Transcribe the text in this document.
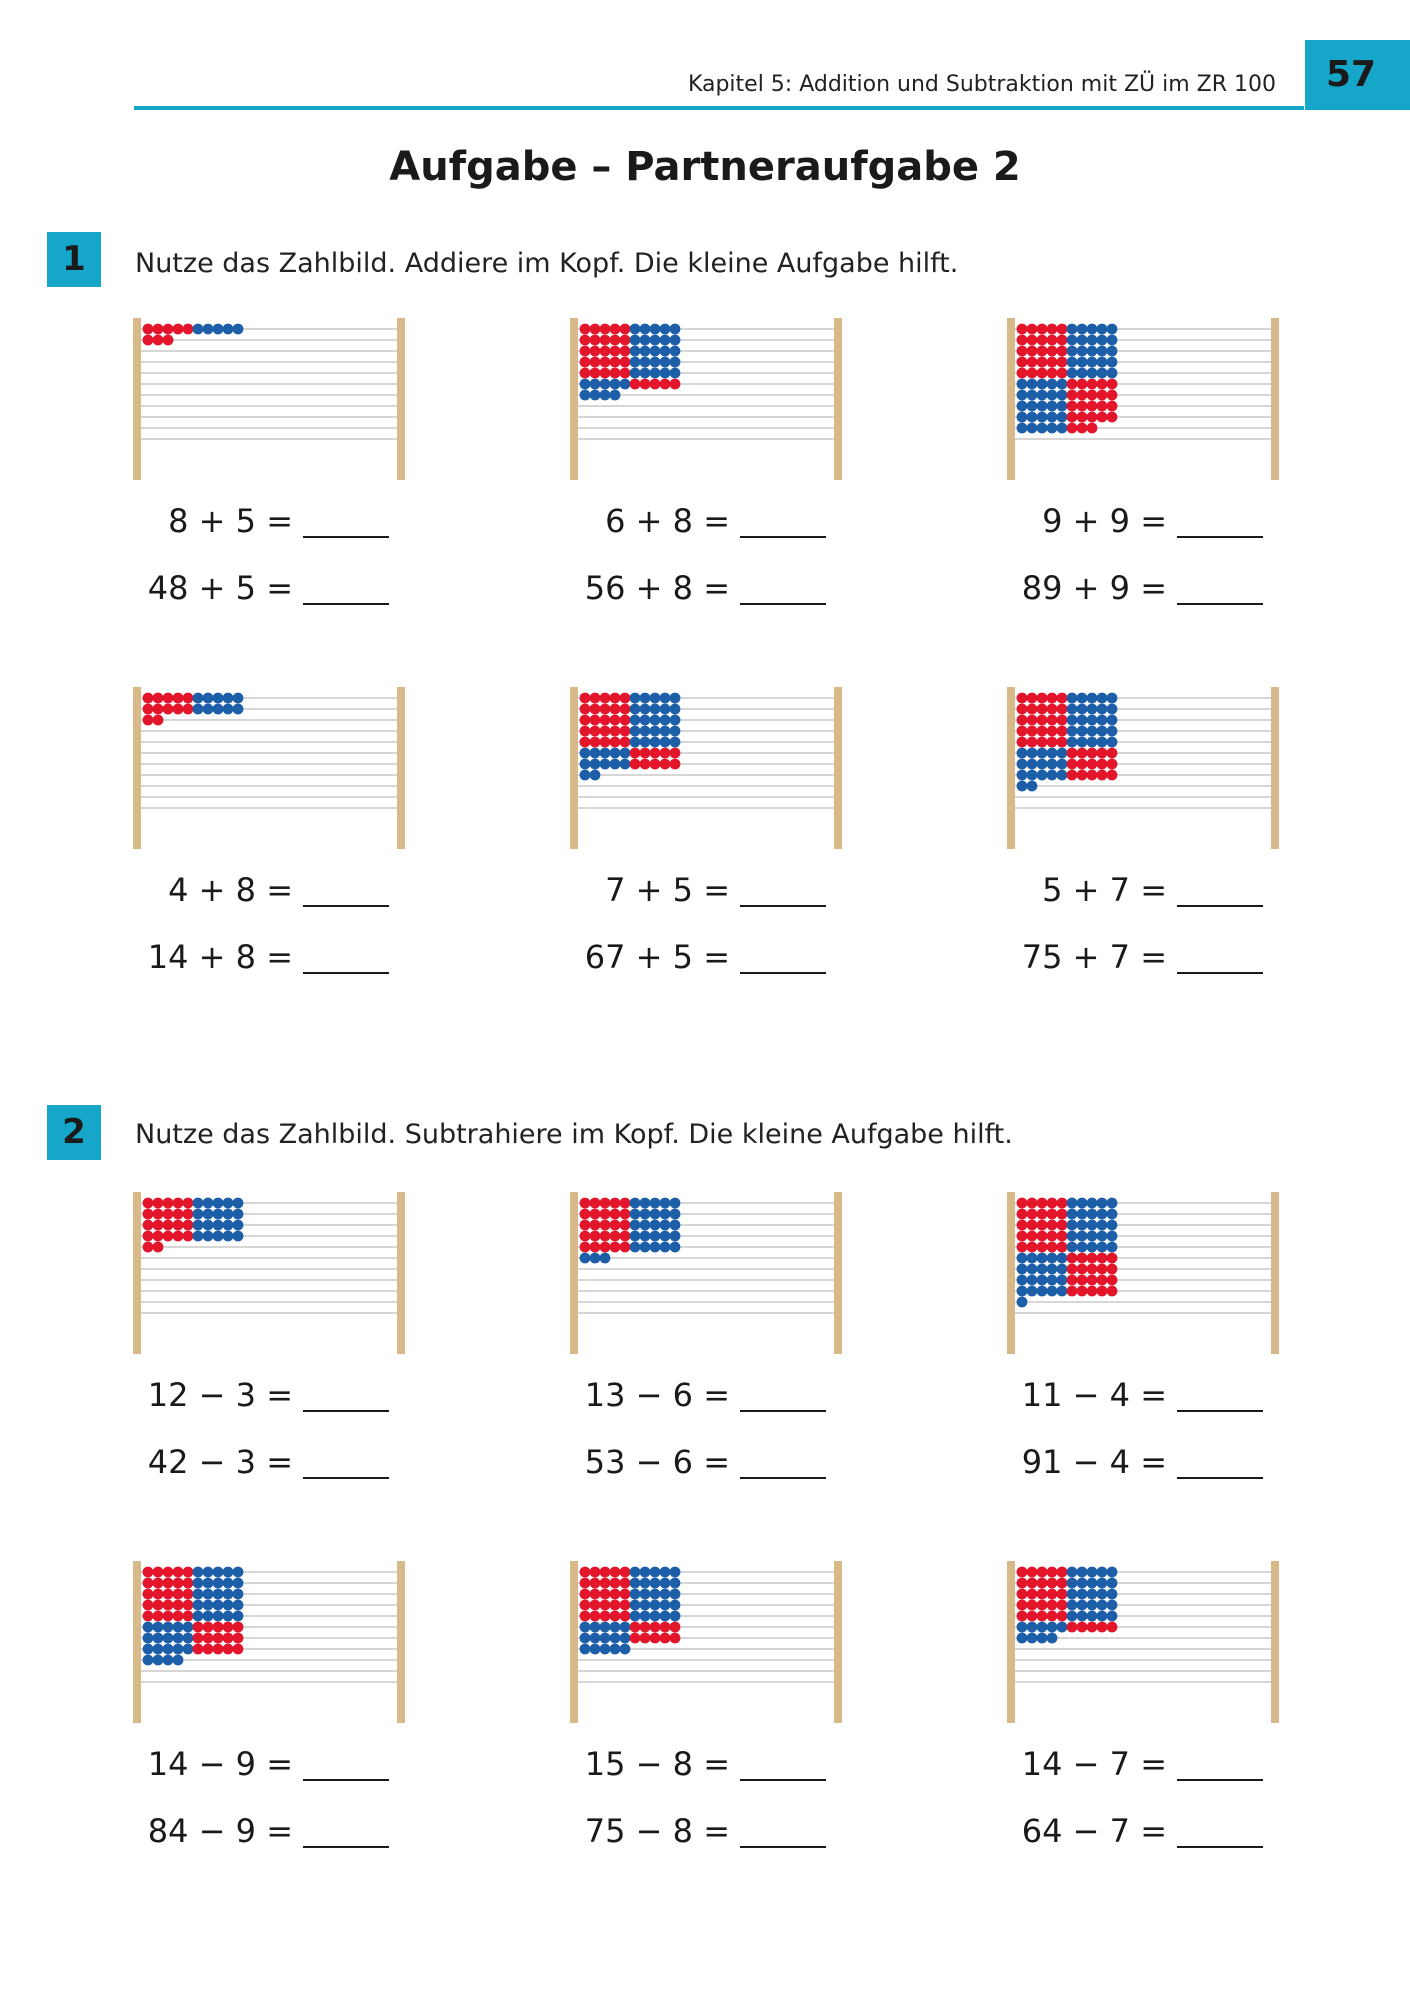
Kapitel 5: Addition und Subtraktion mit ZÜ im ZR 100	57
Aufgabe – Partneraufgabe 2
1	Nutze das Zahlbild. Addiere im Kopf. Die kleine Aufgabe hilft.
8 + 5 =
48 + 5 =
6 + 8 =
56 + 8 =
9 + 9 =
89 + 9 =
4 + 8 =
14 + 8 =
7 + 5 =
67 + 5 =
5 + 7 =
75 + 7 =
2	Nutze das Zahlbild. Subtrahiere im Kopf. Die kleine Aufgabe hilft.
12 − 3 =
42 − 3 =
13 − 6 =
53 − 6 =
11 − 4 =
91 − 4 =
14 − 9 =
84 − 9 =
15 − 8 =
75 − 8 =
14 − 7 =
64 − 7 =
